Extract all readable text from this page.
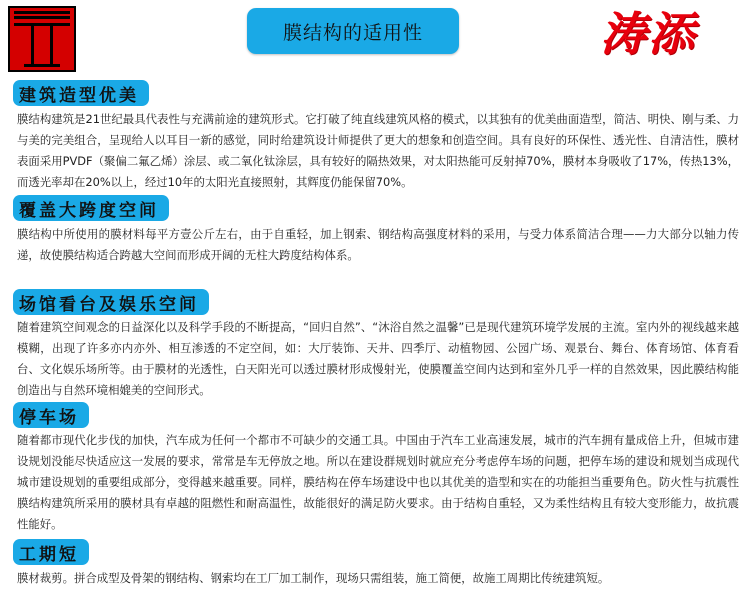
膜结构的适用性	涛添
建筑造型优美
膜结构建筑是21世纪最具代表性与充满前途的建筑形式。它打破了纯直线建筑风格的模式，以其独有的优美曲面造型，简洁、明快、刚与柔、力与美的完美组合，呈现给人以耳目一新的感觉，同时给建筑设计师提供了更大的想象和创造空间。具有良好的环保性、透光性、自清洁性，膜材表面采用PVDF（聚偏二氟乙烯）涂层、或二氧化钛涂层，具有较好的隔热效果，对太阳热能可反射掉70%，膜材本身吸收了17%，传热13%，而透光率却在20%以上，经过10年的太阳光直接照射，其辉度仍能保留70%。
覆盖大跨度空间
膜结构中所使用的膜材料每平方壹公斤左右，由于自重轻，加上钢索、钢结构高强度材料的采用，与受力体系简洁合理——力大部分以轴力传递，故使膜结构适合跨越大空间而形成开阔的无柱大跨度结构体系。
场馆看台及娱乐空间
随着建筑空间观念的日益深化以及科学手段的不断提高，“回归自然”、“沐浴自然之温馨”已是现代建筑环境学发展的主流。室内外的视线越来越模糊，出现了许多亦内亦外、相互渗透的不定空间，如：大厅装饰、天井、四季厅、动植物园、公园广场、观景台、舞台、体育场馆、体育看台、文化娱乐场所等。由于膜材的光透性，白天阳光可以透过膜材形成慢射光，使膜覆盖空间内达到和室外几乎一样的自然效果，因此膜结构能创造出与自然环境相媲美的空间形式。
停车场
随着都市现代化步伐的加快，汽车成为任何一个都市不可缺少的交通工具。中国由于汽车工业高速发展，城市的汽车拥有量成倍上升，但城市建设规划没能尽快适应这一发展的要求，常常是车无停放之地。所以在建设群规划时就应充分考虑停车场的问题，把停车场的建设和规划当成现代城市建设规划的重要组成部分，变得越来越重要。同样，膜结构在停车场建设中也以其优美的造型和实在的功能担当重要角色。防火性与抗震性膜结构建筑所采用的膜材具有卓越的阻燃性和耐高温性，故能很好的满足防火要求。由于结构自重轻，又为柔性结构且有较大变形能力，故抗震性能好。
工期短
膜材裁剪。拼合成型及骨架的钢结构、钢索均在工厂加工制作，现场只需组装，施工简便，故施工周期比传统建筑短。
